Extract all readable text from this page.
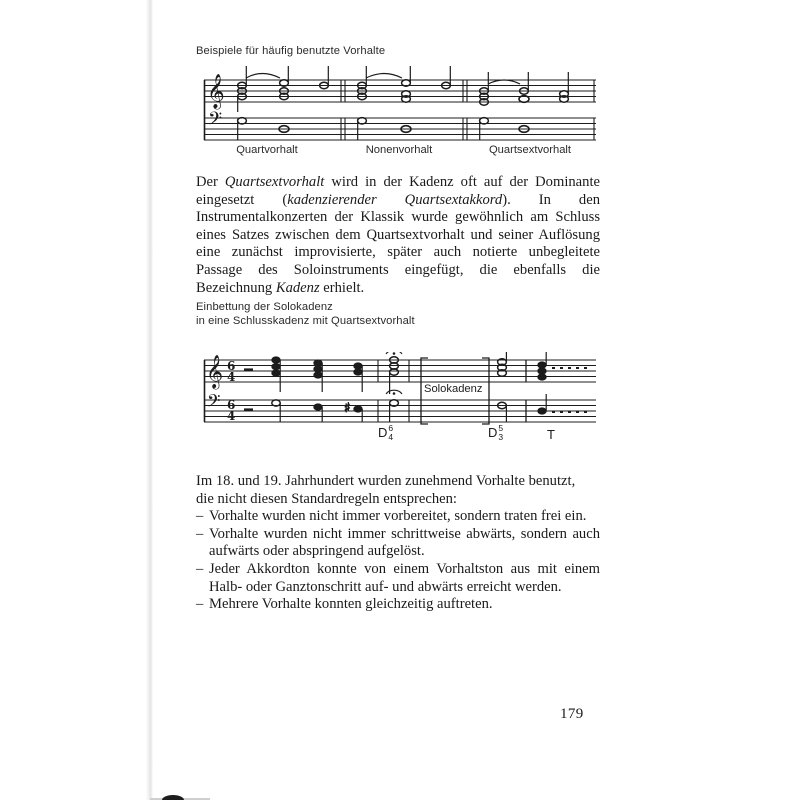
Beispiele für häufig benutzte Vorhalte
𝄞
𝄢
Quartvorhalt	Nonenvorhalt	Quartsextvorhalt
Der Quartsextvorhalt wird in der Kadenz oft auf der Dominante eingesetzt (kadenzierender Quartsextakkord). In den Instrumentalkonzerten der Klassik wurde gewöhnlich am Schluss eines Satzes zwischen dem Quartsextvorhalt und seiner Auflösung eine zunächst improvisierte, später auch notierte unbegleitete Passage des Soloinstruments eingefügt, die ebenfalls die Bezeichnung Kadenz erhielt.
Einbettung der Solokadenz
in eine Schlusskadenz mit Quartsextvorhalt
𝄞
𝄢
6
4
6
4	♯
Solokadenz
D 6
4	D 5
3	T
Im 18. und 19. Jahrhundert wurden zunehmend Vorhalte benutzt,
die nicht diesen Standardregeln entsprechen:
– Vorhalte wurden nicht immer vorbereitet, sondern traten frei ein.
– Vorhalte wurden nicht immer schrittweise abwärts, sondern auch aufwärts oder abspringend aufgelöst.
– Jeder Akkordton konnte von einem Vorhaltston aus mit einem Halb- oder Ganztonschritt auf- und abwärts erreicht werden.
– Mehrere Vorhalte konnten gleichzeitig auftreten.
179
